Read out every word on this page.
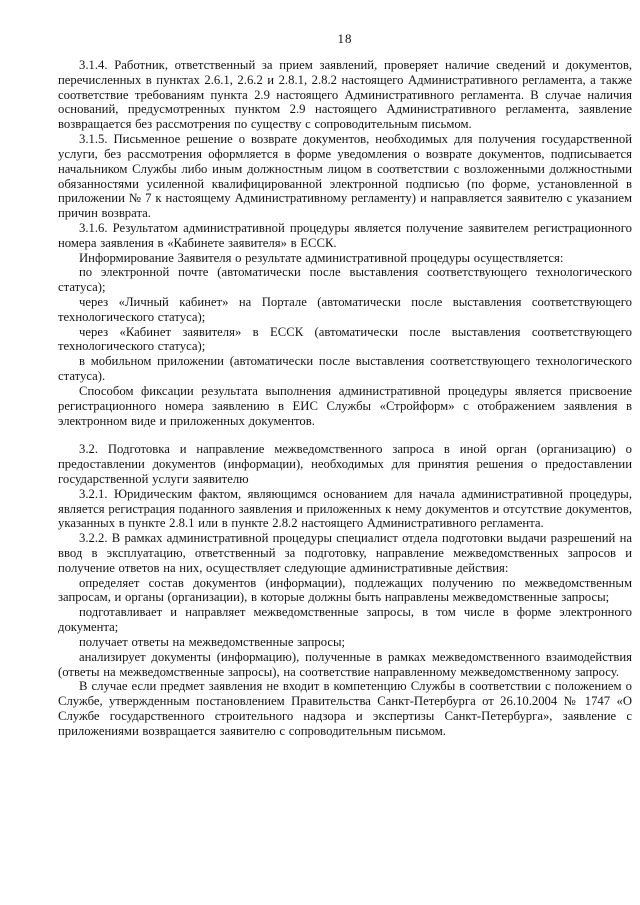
18

3.1.4. Работник, ответственный за прием заявлений, проверяет наличие сведений и документов, перечисленных в пунктах 2.6.1, 2.6.2 и 2.8.1, 2.8.2 настоящего Административного регламента, а также соответствие требованиям пункта 2.9 настоящего Административного регламента. В случае наличия оснований, предусмотренных пунктом 2.9 настоящего Административного регламента, заявление возвращается без рассмотрения по существу с сопроводительным письмом.

3.1.5. Письменное решение о возврате документов, необходимых для получения государственной услуги, без рассмотрения оформляется в форме уведомления о возврате документов, подписывается начальником Службы либо иным должностным лицом в соответствии с возложенными должностными обязанностями усиленной квалифицированной электронной подписью (по форме, установленной в приложении № 7 к настоящему Административному регламенту) и направляется заявителю с указанием причин возврата.

3.1.6. Результатом административной процедуры является получение заявителем регистрационного номера заявления в «Кабинете заявителя» в ЕССК.

Информирование Заявителя о результате административной процедуры осуществляется:

по электронной почте (автоматически после выставления соответствующего технологического статуса);

через «Личный кабинет» на Портале (автоматически после выставления соответствующего технологического статуса);

через «Кабинет заявителя» в ЕССК (автоматически после выставления соответствующего технологического статуса);

в мобильном приложении (автоматически после выставления соответствующего технологического статуса).

Способом фиксации результата выполнения административной процедуры является присвоение регистрационного номера заявлению в ЕИС Службы «Стройформ» с отображением заявления в электронном виде и приложенных документов.

3.2. Подготовка и направление межведомственного запроса в иной орган (организацию) о предоставлении документов (информации), необходимых для принятия решения о предоставлении государственной услуги заявителю

3.2.1. Юридическим фактом, являющимся основанием для начала административной процедуры, является регистрация поданного заявления и приложенных к нему документов и отсутствие документов, указанных в пункте 2.8.1 или в пункте 2.8.2 настоящего Административного регламента.

3.2.2. В рамках административной процедуры специалист отдела подготовки выдачи разрешений на ввод в эксплуатацию, ответственный за подготовку, направление межведомственных запросов и получение ответов на них, осуществляет следующие административные действия:

определяет состав документов (информации), подлежащих получению по межведомственным запросам, и органы (организации), в которые должны быть направлены межведомственные запросы;

подготавливает и направляет межведомственные запросы, в том числе в форме электронного документа;

получает ответы на межведомственные запросы;

анализирует документы (информацию), полученные в рамках межведомственного взаимодействия (ответы на межведомственные запросы), на соответствие направленному межведомственному запросу.

В случае если предмет заявления не входит в компетенцию Службы в соответствии с положением о Службе, утвержденным постановлением Правительства Санкт-Петербурга от 26.10.2004 № 1747 «О Службе государственного строительного надзора и экспертизы Санкт-Петербурга», заявление с приложениями возвращается заявителю с сопроводительным письмом.
